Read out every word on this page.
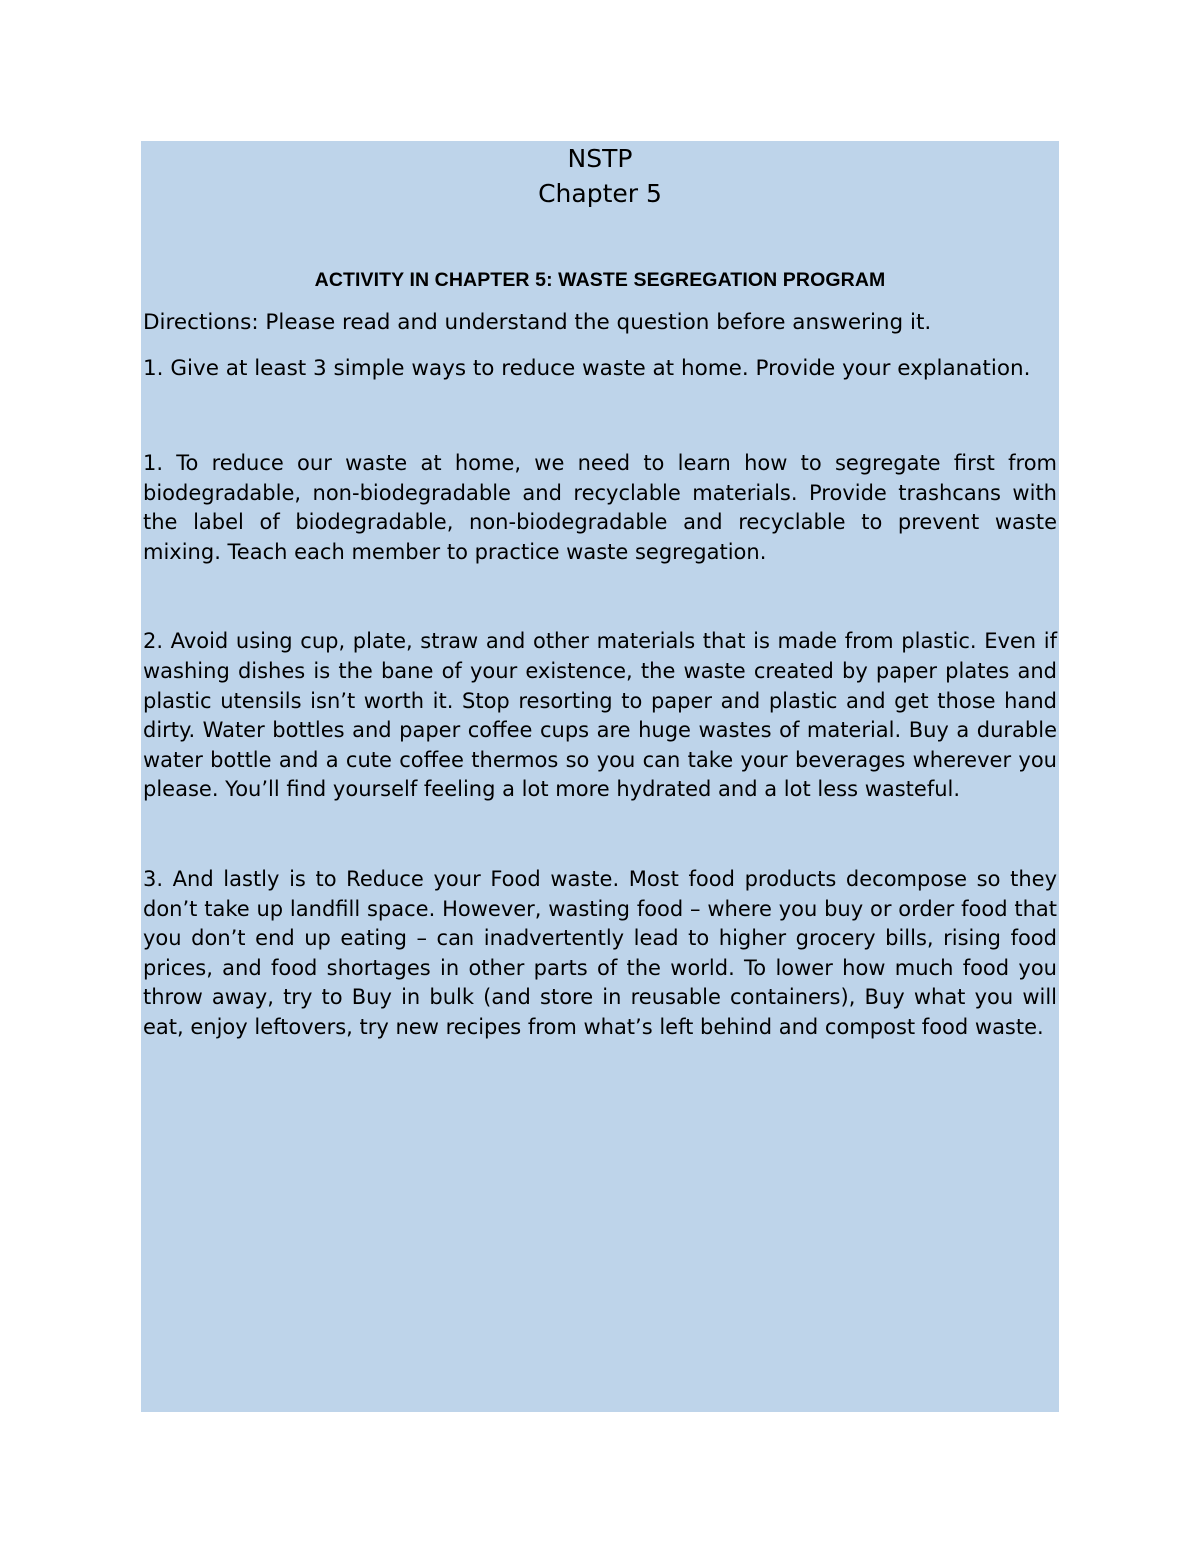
NSTP
Chapter 5
ACTIVITY IN CHAPTER 5: WASTE SEGREGATION PROGRAM
Directions: Please read and understand the question before answering it.
1. Give at least 3 simple ways to reduce waste at home. Provide your explanation.

1. To reduce our waste at home, we need to learn how to segregate first from biodegradable, non-biodegradable and recyclable materials. Provide trashcans with the label of biodegradable, non-biodegradable and recyclable to prevent waste mixing. Teach each member to practice waste segregation.

2. Avoid using cup, plate, straw and other materials that is made from plastic. Even if washing dishes is the bane of your existence, the waste created by paper plates and plastic utensils isn’t worth it. Stop resorting to paper and plastic and get those hand dirty. Water bottles and paper coffee cups are huge wastes of material. Buy a durable water bottle and a cute coffee thermos so you can take your beverages wherever you please. You’ll find yourself feeling a lot more hydrated and a lot less wasteful.

3. And lastly is to Reduce your Food waste. Most food products decompose so they don’t take up landfill space. However, wasting food – where you buy or order food that you don’t end up eating – can inadvertently lead to higher grocery bills, rising food prices, and food shortages in other parts of the world. To lower how much food you throw away, try to Buy in bulk (and store in reusable containers), Buy what you will eat, enjoy leftovers, try new recipes from what’s left behind and compost food waste.
